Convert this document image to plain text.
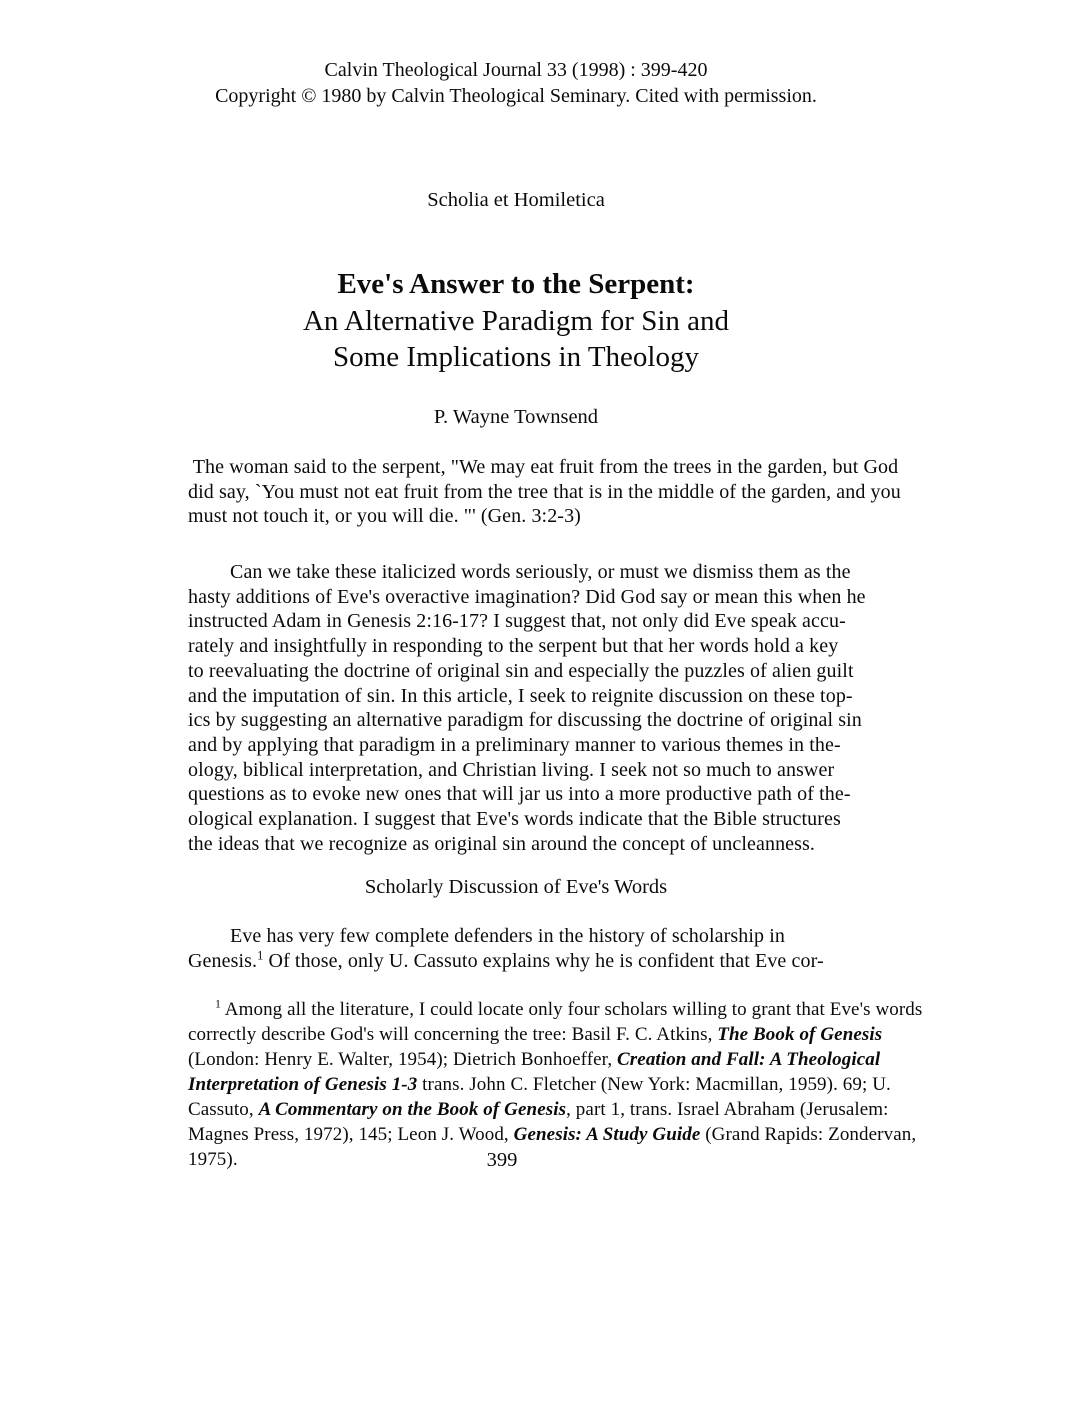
Calvin Theological Journal 33 (1998) : 399-420
Copyright © 1980 by Calvin Theological Seminary. Cited with permission.
Scholia et Homiletica
Eve's Answer to the Serpent:
An Alternative Paradigm for Sin and
Some Implications in Theology
P. Wayne Townsend
The woman said to the serpent, "We may eat fruit from the trees in the garden, but God
did say, `You must not eat fruit from the tree that is in the middle of the garden, and you
must not touch it, or you will die. "' (Gen. 3:2-3)
Can we take these italicized words seriously, or must we dismiss them as the
hasty additions of Eve's overactive imagination? Did God say or mean this when he
instructed Adam in Genesis 2:16-17? I suggest that, not only did Eve speak accu-
rately and insightfully in responding to the serpent but that her words hold a key
to reevaluating the doctrine of original sin and especially the puzzles of alien guilt
and the imputation of sin. In this article, I seek to reignite discussion on these top-
ics by suggesting an alternative paradigm for discussing the doctrine of original sin
and by applying that paradigm in a preliminary manner to various themes in the-
ology, biblical interpretation, and Christian living. I seek not so much to answer
questions as to evoke new ones that will jar us into a more productive path of the-
ological explanation. I suggest that Eve's words indicate that the Bible structures
the ideas that we recognize as original sin around the concept of uncleanness.
Scholarly Discussion of Eve's Words
Eve has very few complete defenders in the history of scholarship in
Genesis.$^1$ Of those, only U. Cassuto explains why he is confident that Eve cor-
$^1$ Among all the literature, I could locate only four scholars willing to grant that Eve's words
correctly describe God's will concerning the tree: Basil F. C. Atkins, The Book of Genesis
(London: Henry E. Walter, 1954); Dietrich Bonhoeffer, Creation and Fall: A Theological
Interpretation of Genesis 1-3 trans. John C. Fletcher (New York: Macmillan, 1959). 69; U.
Cassuto, A Commentary on the Book of Genesis, part 1, trans. Israel Abraham (Jerusalem:
Magnes Press, 1972), 145; Leon J. Wood, Genesis: A Study Guide (Grand Rapids: Zondervan,
1975).	399
